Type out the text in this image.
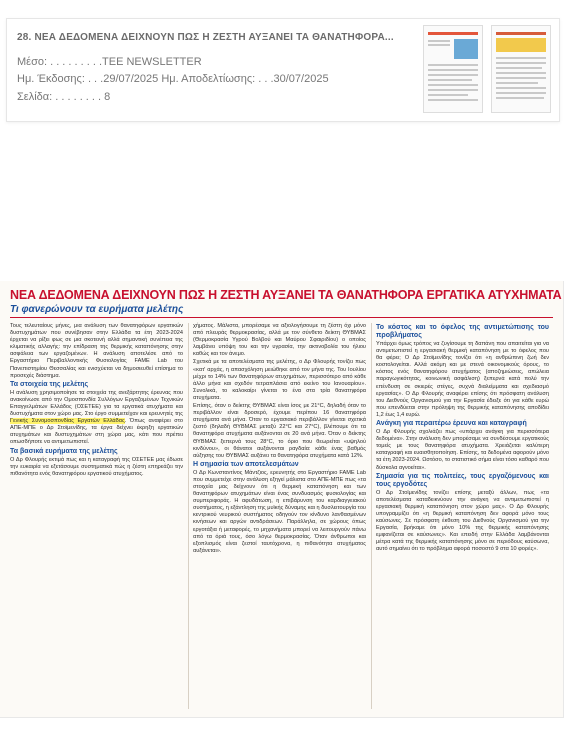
28. ΝΕΑ ΔΕΔΟΜΕΝΑ ΔΕΙΧΝΟΥΝ ΠΩΣ Η ΖΕΣΤΗ ΑΥΞΑΝΕΙ ΤΑ ΘΑΝΑΤΗΦΟΡΑ...
Μέσο: . . . . . . . . .TEE NEWSLETTER
Ημ. Έκδοσης: . . .29/07/2025 Ημ. Αποδελτίωσης: . . .30/07/2025
Σελίδα: . . . . . . . . 8
ΝΕΑ ΔΕΔΟΜΕΝΑ ΔΕΙΧΝΟΥΝ ΠΩΣ Η ΖΕΣΤΗ ΑΥΞΑΝΕΙ ΤΑ ΘΑΝΑΤΗΦΟΡΑ ΕΡΓΑΤΙΚΑ ΑΤΥΧΗΜΑΤΑ
Τι φανερώνουν τα ευρήματα μελέτης

Τους τελευταίους μήνες, μια ανάλυση των θανατηφόρων εργατικών δυστυχημάτων που συνέβησαν στην Ελλάδα τα έτη 2023-2024 έρχεται να ρίξει φως σε μια σκοτεινή αλλά σημαντική συνέπεια της κλιματικής αλλαγής: την επίδραση της θερμικής καταπόνησης στην ασφάλεια των εργαζομένων. Η ανάλυση αποτελέσε από το Εργαστήριο Περιβαλλοντικής Φυσιολογίας FAME Lab του Πανεπιστημίου Θεσσαλίας και ενισχύεται να δημοσιευθεί επίσημα το προσεχές διάστημα.

Τα στοιχεία της μελέτης

Η ανάλυση χρησιμοποίησε τα στοιχεία της ανεξάρτητης έρευνας που ανακοίνωσε από την Ομοσπονδία Συλλόγων Εργαζομένων Τεχνικών Επαγγελμάτων Ελλάδος (ΟΣΕΤΕΕ) για τα εργατικά ατυχήματα και δυστυχήματα στον χώρο μας. Στο έργο συμμετείχαν και ερευνητές της Γενικής Συνομοσπονδίας Εργατών Ελλάδας. Όπως αναφέρει στο ΑΠΕ-ΜΠΕ ο Δρ Στοϊμενίδης, τα έργα δείχνει έκρηξη εργατικών ατυχημάτων και δυστυχημάτων στη χώρα μας, κάτι που πρέπει οπωσδήποτε να αντιμετωπιστεί.

Τα βασικά ευρήματα της μελέτης

Ο Δρ Φλουρής εκτιμά πως και η καταγραφή της ΟΣΕΤΕΕ μας έδωσε την ευκαιρία να εξετάσουμε συστηματικά πώς η ζέστη επηρεάζει την πιθανότητα ενός θανατηφόρου εργατικού ατυχήματος.

χήματος. Μάλιστα, μπορέσαμε να αξιολογήσουμε τη ζέστη όχι μόνο από πλευράς θερμοκρασίας, αλλά με τον σύνθετο δείκτη ΘΥΒΜΑΣ (Θερμοκρασία Υγρού Βολβού και Μαύρου Σφαιριδίου) ο οποίος λαμβάνει υπόψη του και την υγρασία, την ακτινοβολία του ήλιου καθώς και τον άνεμο.

Σχετικά με τα αποτελέσματα της μελέτης, ο Δρ Φλουρής τονίζει πως «κατ' αρχάς, η απασχόληση μειώθηκε από τον μήνα της. Του Ιουλίου μέχρι το 14% των θανατηφόρων ατυχημάτων, περισσότερο από κάθε άλλο μήνα και σχεδόν τετραπλάσια από εκείνο του Ιανουαρίου». Συνολικά, το καλοκαίρι γίνεται το ένα στα τρία θανατηφόρα ατυχήματα.

Επίσης, όταν ο δείκτης ΘΥΒΜΑΣ είναι ίσος με 21°C, δηλαδή όταν το περιβάλλον είναι δροσερό, έχουμε περίπου 16 θανατηφόρα ατυχήματα ανά μήνα. Όταν το εργασιακό περιβάλλον γίνεται σχετικά ζεστό (δηλαδή ΘΥΒΜΑΣ μεταξύ 22°C και 27°C), βλέπουμε ότι τα θανατηφόρα ατυχήματα αυξάνονται σε 20 ανά μήνα. Όταν ο δείκτης ΘΥΒΜΑΣ ξεπερνά τους 28°C, το όριο που θεωρείται «υψηλού κινδύνου», οι θάνατοι αυξάνονται ραγδαία: κάθε ένας βαθμός αύξησης του ΘΥΒΜΑΣ αυξάνει τα θανατηφόρα ατυχήματα κατά 12%.

Η σημασία των αποτελεσμάτων

Ο Δρ Κωνσταντίνος Μάντζιος, ερευνητής στο Εργαστήριο FAME Lab που συμμετείχε στην ανάλυση εξηγεί μάλιστα στο ΑΠΕ-ΜΠΕ πως «τα στοιχεία μας δείχνουν ότι η θερμική καταπόνηση και των θανατηφόρων ατυχημάτων είναι ένας συνδυασμός φυσιολογίας και συμπεριφοράς. Η αφυδάτωση, η επιβάρυνση του καρδιαγγειακού συστήματος, η εξάντληση της μυϊκής δύναμης και η δυσλειτουργία του κεντρικού νευρικού συστήματος οδηγούν τον κίνδυνο λανθασμένων κινήσεων και αργών αντιδράσεων. Παράλληλα, σε χώρους όπως εργοτάξια ή μεταφορές, το μηχανήματα μπορεί να λειτουργούν πάνω από τα όριά τους, όσο λόγω θερμοκρασίας. Όταν άνθρωποι και εξοπλισμός είναι ζεστοί ταυτόχρονα, η πιθανότητα ατυχήματος αυξάνεται».

Το κόστος και το όφελος της αντιμετώπισης του προβλήματος

Υπάρχει όμως τρόπος να ζυγίσουμε τη δαπάνη που απαιτείται για να αντιμετωπιστεί η εργασιακή θερμική καταπόνηση με το όφελος που θα φέρει; Ο Δρ Στοϊμενίδης τονίζει ότι «η ανθρώπινη ζωή δεν κοστολογείται. Αλλά ακόμη και με στενά οικονομικούς όρους, το κόστος ενός θανατηφόρου ατυχήματος (αποζημιώσεις, απώλεια παραγωγικότητας, κοινωνική ασφάλιση) ξεπερνά κατά πολύ την επένδυση σε σκιερές στέγες, συχνά διαλείμματα και σχεδιασμό εργασίας». Ο Δρ Φλουρής αναφέρει επίσης ότι πρόσφατη ανάλυση του Διεθνούς Οργανισμού για την Εργασία έδειξε ότι για κάθε ευρώ που επενδύεται στην πρόληψη της θερμικής καταπόνησης αποδίδει 1,2 έως 1,4 ευρώ.

Ανάγκη για περαιτέρω έρευνα και καταγραφή

Ο Δρ Φλουρής σχολιάζει πως «υπάρχει ανάγκη για περισσότερα δεδομένα». Στην ανάλυση δεν μπορέσαμε να συνδέσουμε εργατικούς τομείς με τους θανατηφόρα ατυχήματα. Χρειάζεται καλύτερη καταγραφή και ευαισθητοποίηση. Επίσης, τα δεδομένα αφορούν μόνο τα έτη 2023-2024. Ωστόσο, το στατιστικό σήμα είναι τόσο καθαρό που δύσκολα αγνοείται».

Σημασία για τις πολιτείες, τους εργαζόμενους και τους εργοδότες

Ο Δρ Στοϊμενίδης τονίζει επίσης μεταξύ άλλων, πως «τα αποτελέσματα καταδεικνύουν την ανάγκη να αντιμετωπιστεί η εργασιακή θερμική καταπόνηση στον χώρο μας». Ο Δρ Φλουρής υπογραμμίζει ότι «η θερμική καταπόνηση δεν αφορά μόνο τους καύσωνες. Σε πρόσφατη έκθεση του Διεθνούς Οργανισμού για την Εργασία, βρήκαμε ότι μόνο 10% της θερμικής καταπόνησης εμφανίζεται σε καύσωνες». Και επειδή στην Ελλάδα λαμβάνονται μέτρα κατά της θερμικής καταπόνησης μόνο σε περιόδους καύσωνα, αυτό σημαίνει ότι το πρόβλημα αφορά ποσοστό 9 στα 10 φορές».
